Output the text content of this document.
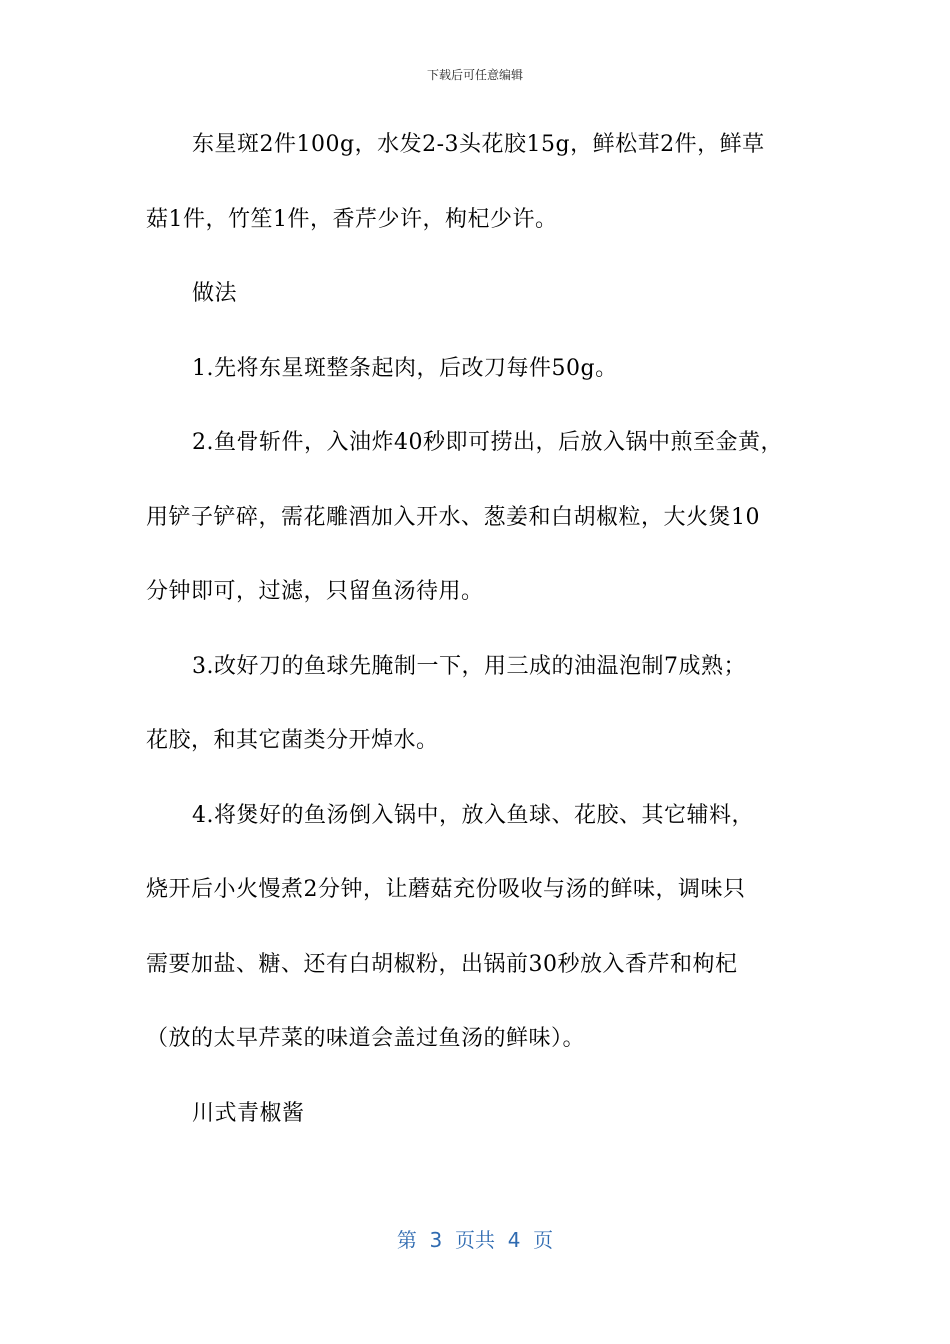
下载后可任意编辑
东星斑2件100g，水发2-3头花胶15g，鲜松茸2件，鲜草
菇1件，竹笙1件，香芹少许，枸杞少许。
做法
1.先将东星斑整条起肉，后改刀每件50g。
2.鱼骨斩件，入油炸40秒即可捞出，后放入锅中煎至金黄，
用铲子铲碎，需花雕酒加入开水、葱姜和白胡椒粒，大火煲10
分钟即可，过滤，只留鱼汤待用。
3.改好刀的鱼球先腌制一下，用三成的油温泡制7成熟；
花胶，和其它菌类分开焯水。
4.将煲好的鱼汤倒入锅中，放入鱼球、花胶、其它辅料，
烧开后小火慢煮2分钟，让蘑菇充份吸收与汤的鲜味，调味只
需要加盐、糖、还有白胡椒粉，出锅前30秒放入香芹和枸杞
（放的太早芹菜的味道会盖过鱼汤的鲜味）。
川式青椒酱
第  3  页共  4  页
